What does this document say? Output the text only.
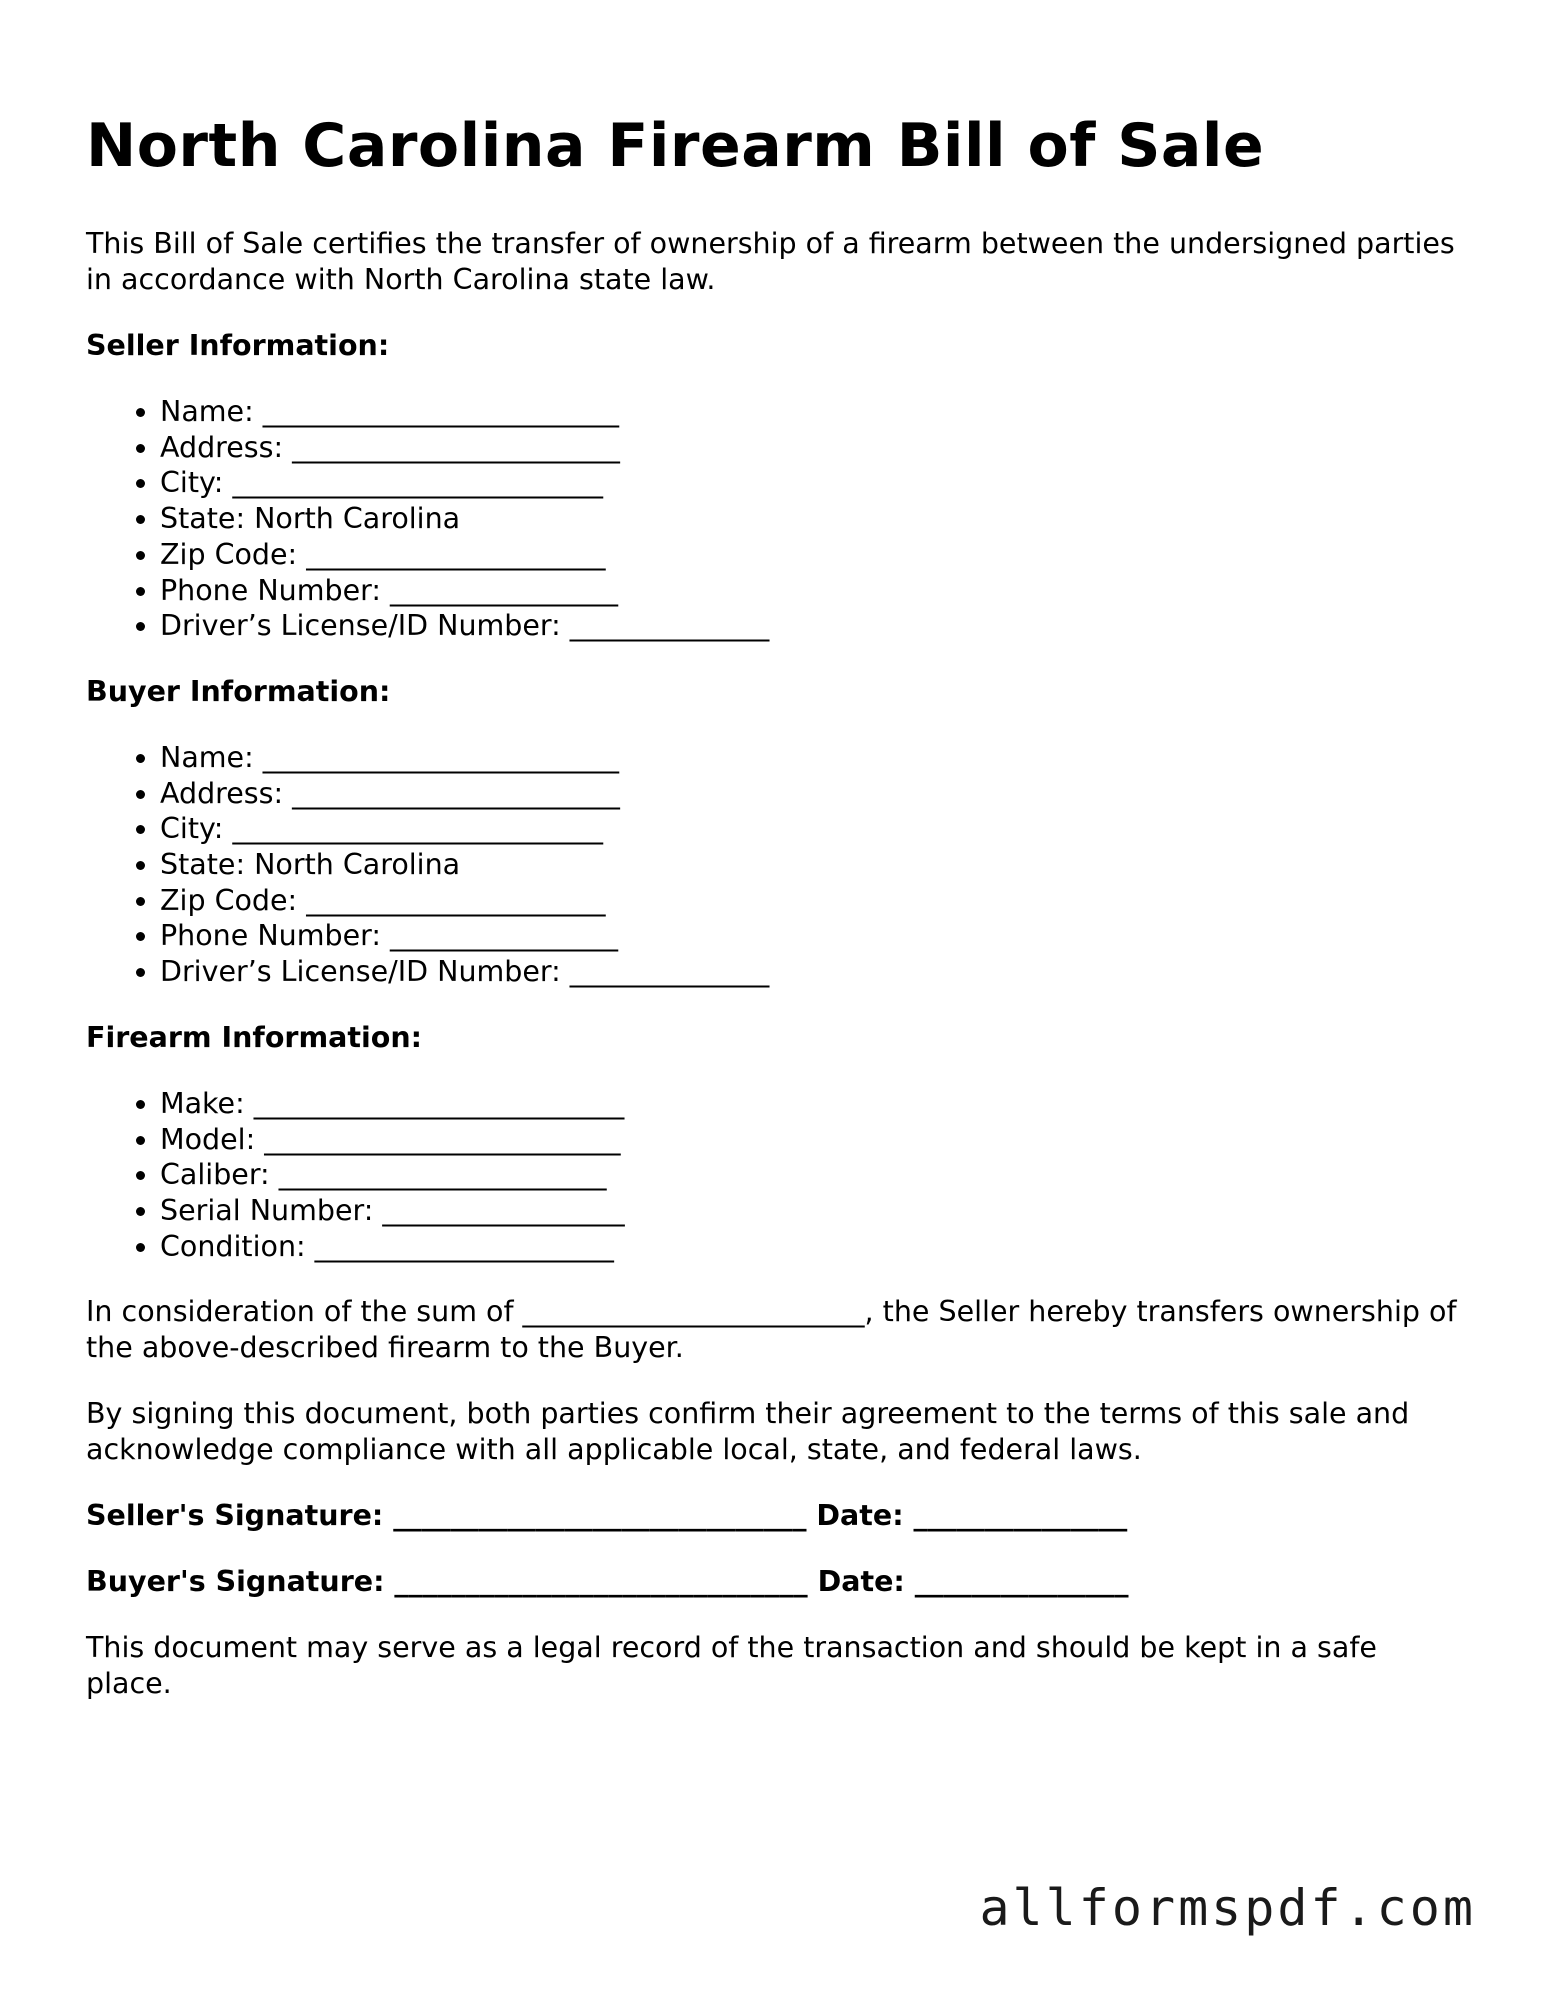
North Carolina Firearm Bill of Sale

This Bill of Sale certifies the transfer of ownership of a firearm between the undersigned parties in accordance with North Carolina state law.

Seller Information:
• Name: _________________________
• Address: _______________________
• City: __________________________
• State: North Carolina
• Zip Code: _____________________
• Phone Number: ________________
• Driver’s License/ID Number: ______________
Buyer Information:
• Name: _________________________
• Address: _______________________
• City: __________________________
• State: North Carolina
• Zip Code: _____________________
• Phone Number: ________________
• Driver’s License/ID Number: ______________
Firearm Information:
• Make: __________________________
• Model: _________________________
• Caliber: _______________________
• Serial Number: _________________
• Condition: _____________________

In consideration of the sum of ________________________, the Seller hereby transfers ownership of the above-described firearm to the Buyer.

By signing this document, both parties confirm their agreement to the terms of this sale and acknowledge compliance with all applicable local, state, and federal laws.

Seller's Signature: _____________________________ Date: _______________
Buyer's Signature: _____________________________ Date: _______________

This document may serve as a legal record of the transaction and should be kept in a safe place.

allformspdf.com
